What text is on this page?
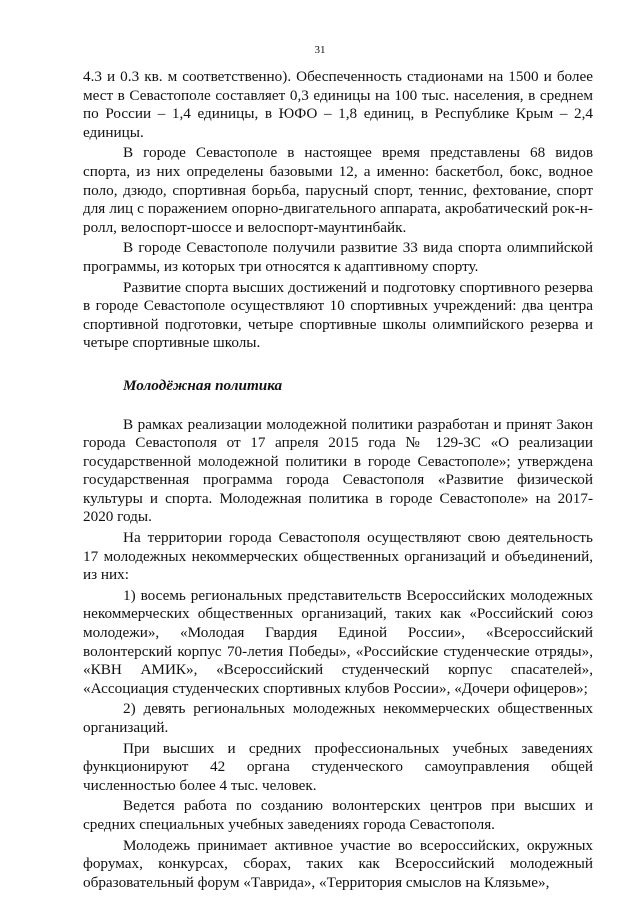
31

4.3 и 0.3 кв. м соответственно). Обеспеченность стадионами на 1500 и более мест в Севастополе составляет 0,3 единицы на 100 тыс. населения, в среднем по России – 1,4 единицы, в ЮФО – 1,8 единиц, в Республике Крым – 2,4 единицы.

В городе Севастополе в настоящее время представлены 68 видов спорта, из них определены базовыми 12, а именно: баскетбол, бокс, водное поло, дзюдо, спортивная борьба, парусный спорт, теннис, фехтование, спорт для лиц с поражением опорно-двигательного аппарата, акробатический рок-н-ролл, велоспорт-шоссе и велоспорт-маунтинбайк.

В городе Севастополе получили развитие 33 вида спорта олимпийской программы, из которых три относятся к адаптивному спорту.

Развитие спорта высших достижений и подготовку спортивного резерва в городе Севастополе осуществляют 10 спортивных учреждений: два центра спортивной подготовки, четыре спортивные школы олимпийского резерва и четыре спортивные школы.

Молодёжная политика

В рамках реализации молодежной политики разработан и принят Закон города Севастополя от 17 апреля 2015 года № 129-ЗС «О реализации государственной молодежной политики в городе Севастополе»; утверждена государственная программа города Севастополя «Развитие физической культуры и спорта. Молодежная политика в городе Севастополе» на 2017-2020 годы.

На территории города Севастополя осуществляют свою деятельность 17 молодежных некоммерческих общественных организаций и объединений, из них:

1) восемь региональных представительств Всероссийских молодежных некоммерческих общественных организаций, таких как «Российский союз молодежи», «Молодая Гвардия Единой России», «Всероссийский волонтерский корпус 70-летия Победы», «Российские студенческие отряды», «КВН АМИК», «Всероссийский студенческий корпус спасателей», «Ассоциация студенческих спортивных клубов России», «Дочери офицеров»;

2) девять региональных молодежных некоммерческих общественных организаций.

При высших и средних профессиональных учебных заведениях функционируют 42 органа студенческого самоуправления общей численностью более 4 тыс. человек.

Ведется работа по созданию волонтерских центров при высших и средних специальных учебных заведениях города Севастополя.

Молодежь принимает активное участие во всероссийских, окружных форумах, конкурсах, сборах, таких как Всероссийский молодежный образовательный форум «Таврида», «Территория смыслов на Клязьме»,
